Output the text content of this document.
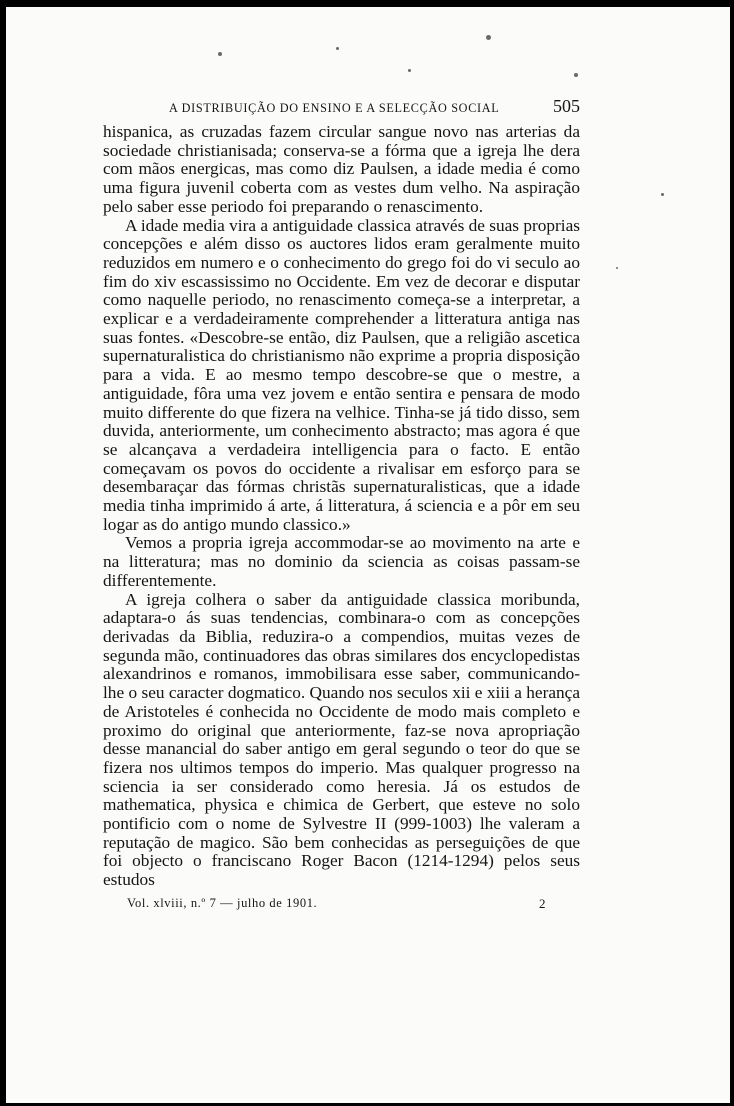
A DISTRIBUIÇÃO DO ENSINO E A SELECÇÃO SOCIAL	505

hispanica, as cruzadas fazem circular sangue novo nas arterias da sociedade christianisada; conserva-se a fórma que a igreja lhe dera com mãos energicas, mas como diz Paulsen, a idade media é como uma figura juvenil coberta com as vestes dum velho. Na aspiração pelo saber esse periodo foi preparando o renascimento.

A idade media vira a antiguidade classica através de suas proprias concepções e além disso os auctores lidos eram geralmente muito reduzidos em numero e o conhecimento do grego foi do vi seculo ao fim do xiv escassissimo no Occidente. Em vez de decorar e disputar como naquelle periodo, no renascimento começa-se a interpretar, a explicar e a verdadeiramente comprehender a litteratura antiga nas suas fontes. «Descobre-se então, diz Paulsen, que a religião ascetica supernaturalistica do christianismo não exprime a propria disposição para a vida. E ao mesmo tempo descobre-se que o mestre, a antiguidade, fôra uma vez jovem e então sentira e pensara de modo muito differente do que fizera na velhice. Tinha-se já tido disso, sem duvida, anteriormente, um conhecimento abstracto; mas agora é que se alcançava a verdadeira intelligencia para o facto. E então começavam os povos do occidente a rivalisar em esforço para se desembaraçar das fórmas christãs supernaturalisticas, que a idade media tinha imprimido á arte, á litteratura, á sciencia e a pôr em seu logar as do antigo mundo classico.»

Vemos a propria igreja accommodar-se ao movimento na arte e na litteratura; mas no dominio da sciencia as coisas passam-se differentemente.

A igreja colhera o saber da antiguidade classica moribunda, adaptara-o ás suas tendencias, combinara-o com as concepções derivadas da Biblia, reduzira-o a compendios, muitas vezes de segunda mão, continuadores das obras similares dos encyclopedistas alexandrinos e romanos, immobilisara esse saber, communicando-lhe o seu caracter dogmatico. Quando nos seculos xii e xiii a herança de Aristoteles é conhecida no Occidente de modo mais completo e proximo do original que anteriormente, faz-se nova apropriação desse manancial do saber antigo em geral segundo o teor do que se fizera nos ultimos tempos do imperio. Mas qualquer progresso na sciencia ia ser considerado como heresia. Já os estudos de mathematica, physica e chimica de Gerbert, que esteve no solo pontificio com o nome de Sylvestre II (999-1003) lhe valeram a reputação de magico. São bem conhecidas as perseguições de que foi objecto o franciscano Roger Bacon (1214-1294) pelos seus estudos

Vol. xlviii, n.º 7 — julho de 1901.	2
